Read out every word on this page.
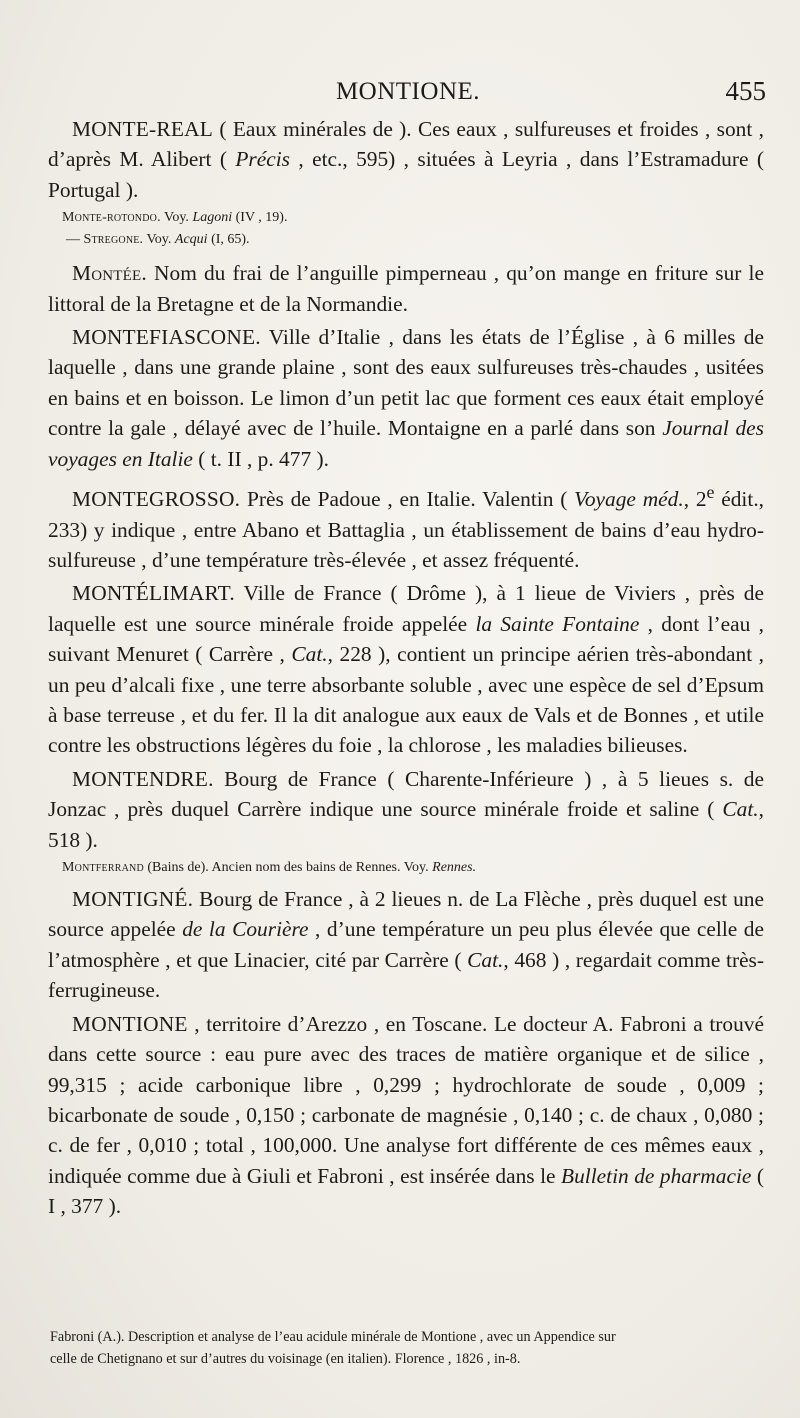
MONTIONE.	455

MONTE-REAL ( Eaux minérales de ). Ces eaux , sulfureuses et froides , sont , d’après M. Alibert ( Précis , etc., 595) , situées à Leyria , dans l’Estramadure ( Portugal ).

Monte-rotondo. Voy. Lagoni (IV , 19).

— Stregone. Voy. Acqui (I, 65).

Montée. Nom du frai de l’anguille pimperneau , qu’on mange en friture sur le littoral de la Bretagne et de la Normandie.

MONTEFIASCONE. Ville d’Italie , dans les états de l’Église , à 6 milles de laquelle , dans une grande plaine , sont des eaux sulfureuses très-chaudes , usitées en bains et en boisson. Le limon d’un petit lac que forment ces eaux était employé contre la gale , délayé avec de l’huile. Montaigne en a parlé dans son Journal des voyages en Italie ( t. II , p. 477 ).

MONTEGROSSO. Près de Padoue , en Italie. Valentin ( Voyage méd., 2e édit., 233) y indique , entre Abano et Battaglia , un établissement de bains d’eau hydro-sulfureuse , d’une température très-élevée , et assez fréquenté.

MONTÉLIMART. Ville de France ( Drôme ), à 1 lieue de Viviers , près de laquelle est une source minérale froide appelée la Sainte Fontaine , dont l’eau , suivant Menuret ( Carrère , Cat., 228 ), contient un principe aérien très-abondant , un peu d’alcali fixe , une terre absorbante soluble , avec une espèce de sel d’Epsum à base terreuse , et du fer. Il la dit analogue aux eaux de Vals et de Bonnes , et utile contre les obstructions légères du foie , la chlorose , les maladies bilieuses.

MONTENDRE. Bourg de France ( Charente-Inférieure ) , à 5 lieues s. de Jonzac , près duquel Carrère indique une source minérale froide et saline ( Cat., 518 ).

Montferrand (Bains de). Ancien nom des bains de Rennes. Voy. Rennes.

MONTIGNÉ. Bourg de France , à 2 lieues n. de La Flèche , près duquel est une source appelée de la Courière , d’une température un peu plus élevée que celle de l’atmosphère , et que Linacier, cité par Carrère ( Cat., 468 ) , regardait comme très-ferrugineuse.

MONTIONE , territoire d’Arezzo , en Toscane. Le docteur A. Fabroni a trouvé dans cette source : eau pure avec des traces de matière organique et de silice , 99,315 ; acide carbonique libre , 0,299 ; hydrochlorate de soude , 0,009 ; bicarbonate de soude , 0,150 ; carbonate de magnésie , 0,140 ; c. de chaux , 0,080 ; c. de fer , 0,010 ; total , 100,000. Une analyse fort différente de ces mêmes eaux , indiquée comme due à Giuli et Fabroni , est insérée dans le Bulletin de pharmacie ( I , 377 ).

Fabroni (A.). Description et analyse de l’eau acidule minérale de Montione , avec un Appendice sur
celle de Chetignano et sur d’autres du voisinage (en italien). Florence , 1826 , in-8.
